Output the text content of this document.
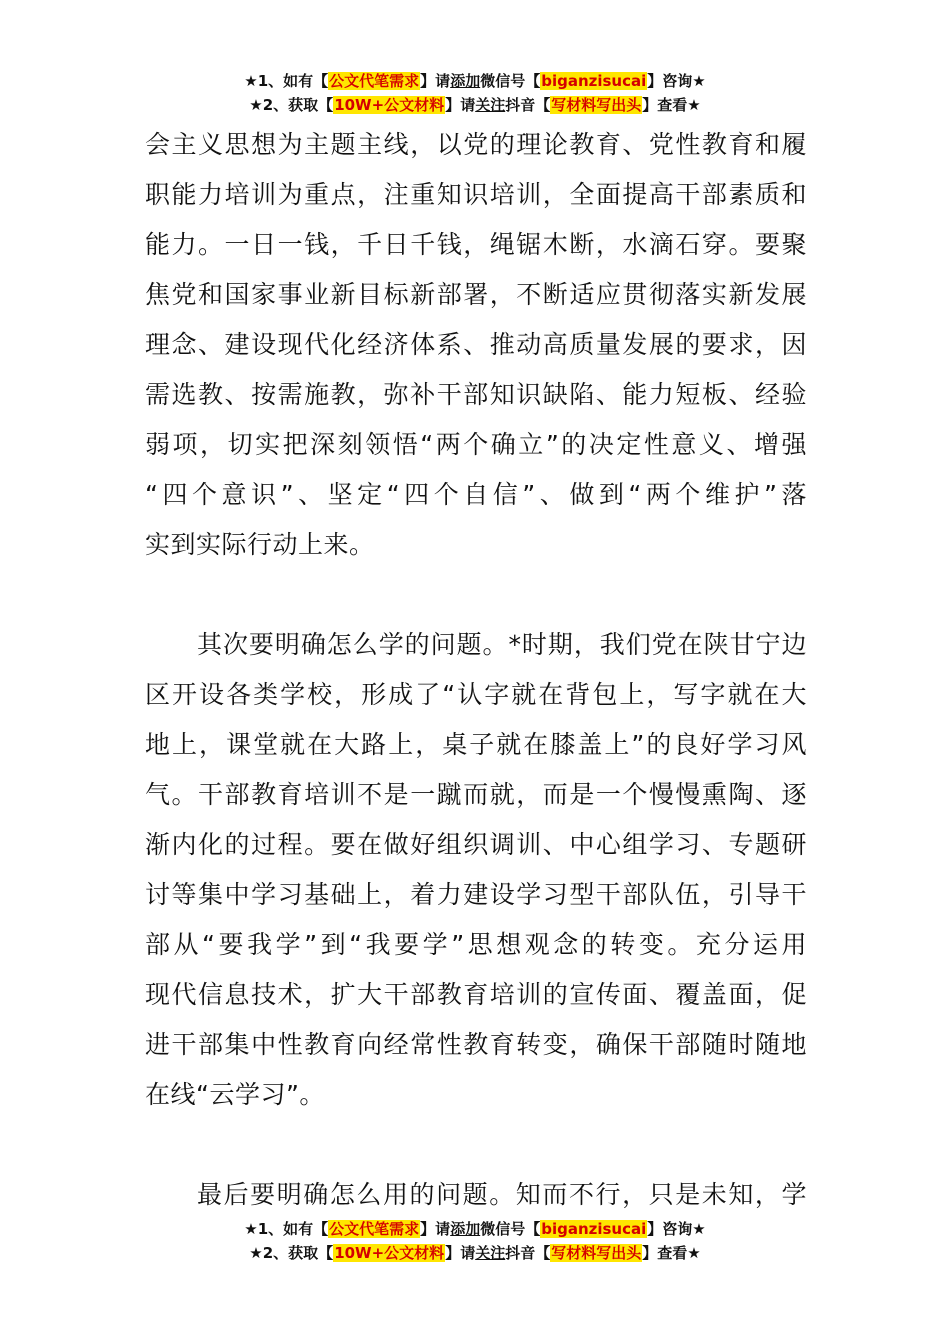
★1、如有【公文代笔需求】请添加微信号【biganzisucai】咨询★
★2、获取【10W+公文材料】请关注抖音【写材料写出头】查看★
会主义思想为主题主线，以党的理论教育、党性教育和履
职能力培训为重点，注重知识培训，全面提高干部素质和
能力。一日一钱，千日千钱，绳锯木断，水滴石穿。要聚
焦党和国家事业新目标新部署，不断适应贯彻落实新发展
理念、建设现代化经济体系、推动高质量发展的要求，因
需选教、按需施教，弥补干部知识缺陷、能力短板、经验
弱项，切实把深刻领悟“两个确立”的决定性意义、增强
“四个意识”、坚定“四个自信”、做到“两个维护”落
实到实际行动上来。
其次要明确怎么学的问题。*时期，我们党在陕甘宁边
区开设各类学校，形成了“认字就在背包上，写字就在大
地上，课堂就在大路上，桌子就在膝盖上”的良好学习风
气。干部教育培训不是一蹴而就，而是一个慢慢熏陶、逐
渐内化的过程。要在做好组织调训、中心组学习、专题研
讨等集中学习基础上，着力建设学习型干部队伍，引导干
部从“要我学”到“我要学”思想观念的转变。充分运用
现代信息技术，扩大干部教育培训的宣传面、覆盖面，促
进干部集中性教育向经常性教育转变，确保干部随时随地
在线“云学习”。
最后要明确怎么用的问题。知而不行，只是未知，学
★1、如有【公文代笔需求】请添加微信号【biganzisucai】咨询★
★2、获取【10W+公文材料】请关注抖音【写材料写出头】查看★
